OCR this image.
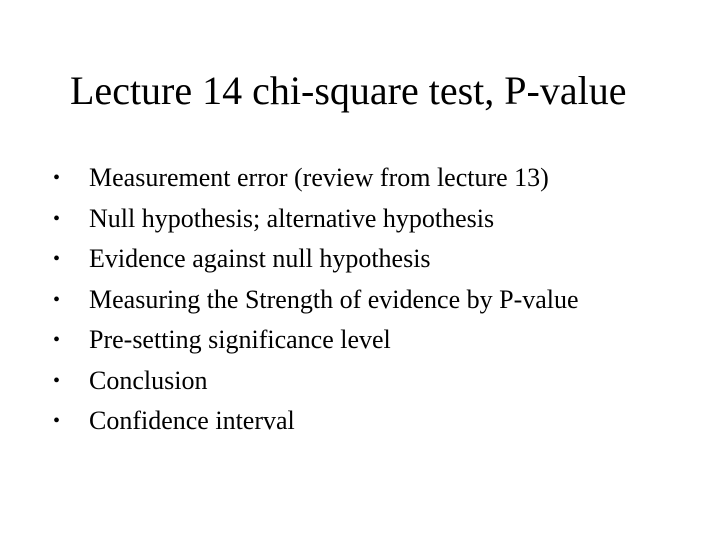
Lecture 14 chi-square test, P-value
• Measurement error (review from lecture 13)
• Null hypothesis; alternative hypothesis
• Evidence against null hypothesis
• Measuring the Strength of evidence by P-value
• Pre-setting significance level
• Conclusion
• Confidence interval
